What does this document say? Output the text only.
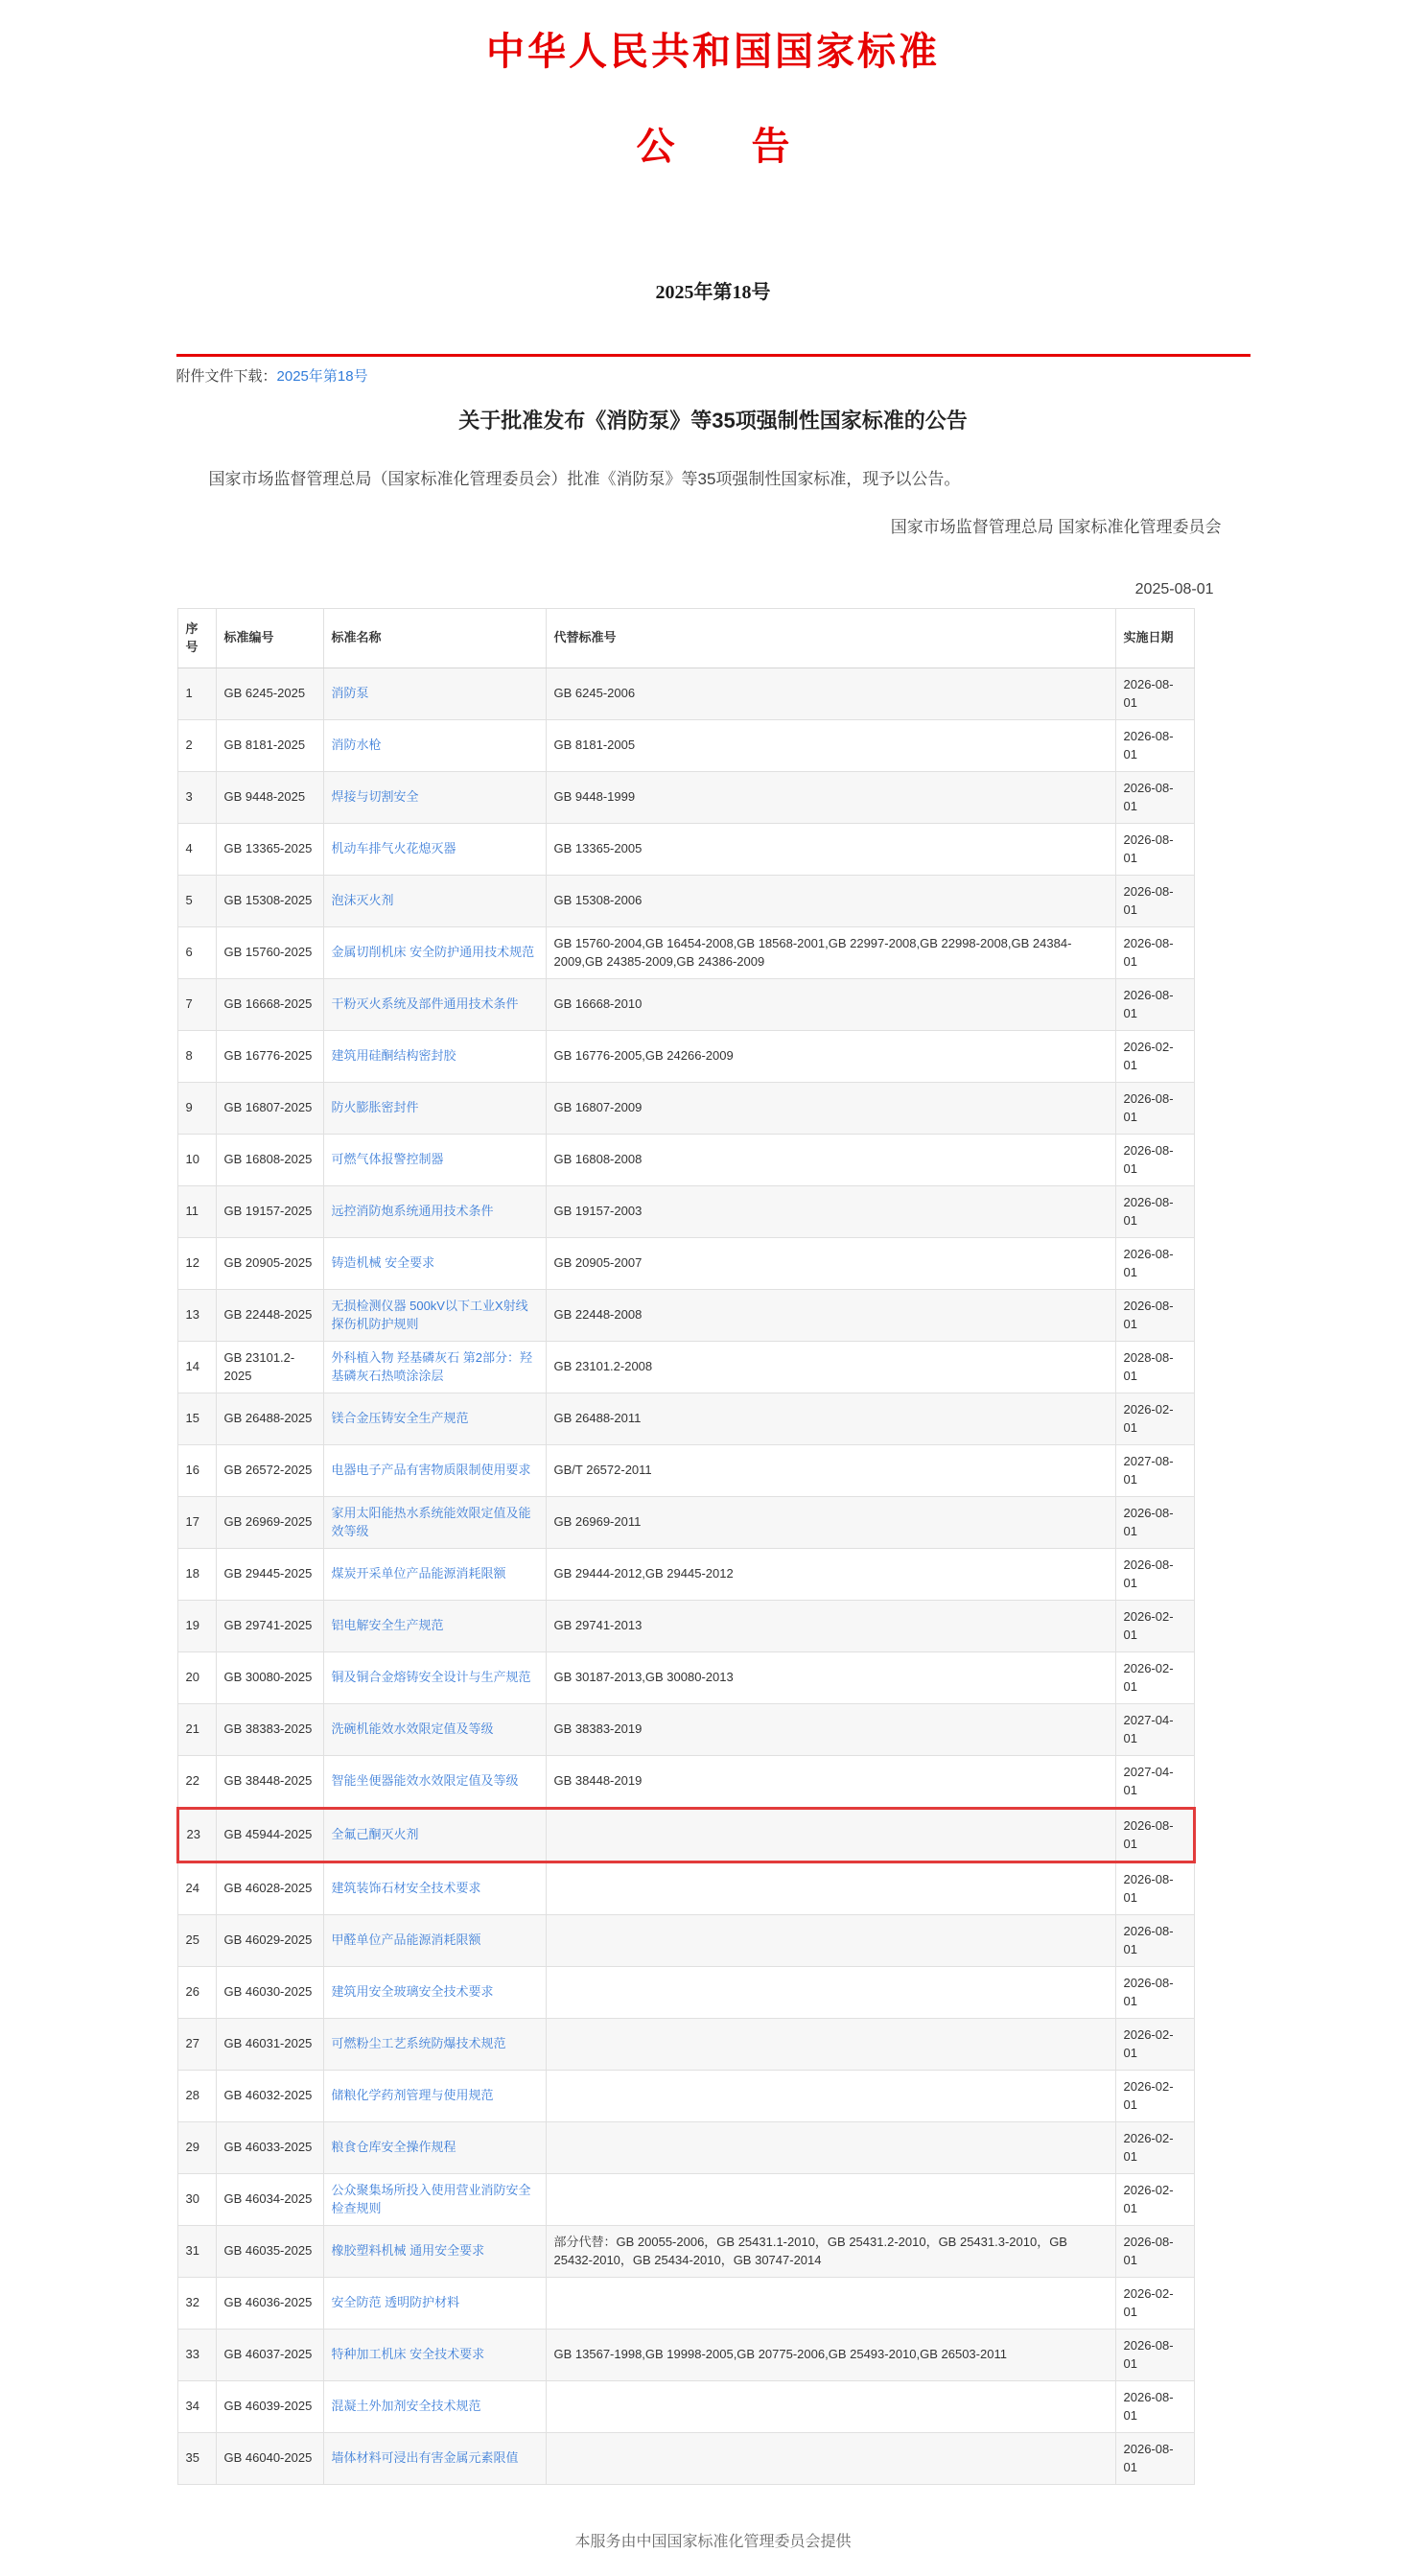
中华人民共和国国家标准
公　　告
2025年第18号
附件文件下载：2025年第18号
关于批准发布《消防泵》等35项强制性国家标准的公告
国家市场监督管理总局（国家标准化管理委员会）批准《消防泵》等35项强制性国家标准，现予以公告。
国家市场监督管理总局 国家标准化管理委员会
2025-08-01
序号	标准编号	标准名称	代替标准号	实施日期
1	GB 6245-2025	消防泵	GB 6245-2006	2026-08-01
2	GB 8181-2025	消防水枪	GB 8181-2005	2026-08-01
3	GB 9448-2025	焊接与切割安全	GB 9448-1999	2026-08-01
4	GB 13365-2025	机动车排气火花熄灭器	GB 13365-2005	2026-08-01
5	GB 15308-2025	泡沫灭火剂	GB 15308-2006	2026-08-01
6	GB 15760-2025	金属切削机床 安全防护通用技术规范	GB 15760-2004,GB 16454-2008,GB 18568-2001,GB 22997-2008,GB 22998-2008,GB 24384-2009,GB 24385-2009,GB 24386-2009	2026-08-01
7	GB 16668-2025	干粉灭火系统及部件通用技术条件	GB 16668-2010	2026-08-01
8	GB 16776-2025	建筑用硅酮结构密封胶	GB 16776-2005,GB 24266-2009	2026-02-01
9	GB 16807-2025	防火膨胀密封件	GB 16807-2009	2026-08-01
10	GB 16808-2025	可燃气体报警控制器	GB 16808-2008	2026-08-01
11	GB 19157-2025	远控消防炮系统通用技术条件	GB 19157-2003	2026-08-01
12	GB 20905-2025	铸造机械 安全要求	GB 20905-2007	2026-08-01
13	GB 22448-2025	无损检测仪器 500kV以下工业X射线探伤机防护规则	GB 22448-2008	2026-08-01
14	GB 23101.2-2025	外科植入物 羟基磷灰石 第2部分：羟基磷灰石热喷涂涂层	GB 23101.2-2008	2028-08-01
15	GB 26488-2025	镁合金压铸安全生产规范	GB 26488-2011	2026-02-01
16	GB 26572-2025	电器电子产品有害物质限制使用要求	GB/T 26572-2011	2027-08-01
17	GB 26969-2025	家用太阳能热水系统能效限定值及能效等级	GB 26969-2011	2026-08-01
18	GB 29445-2025	煤炭开采单位产品能源消耗限额	GB 29444-2012,GB 29445-2012	2026-08-01
19	GB 29741-2025	铝电解安全生产规范	GB 29741-2013	2026-02-01
20	GB 30080-2025	铜及铜合金熔铸安全设计与生产规范	GB 30187-2013,GB 30080-2013	2026-02-01
21	GB 38383-2025	洗碗机能效水效限定值及等级	GB 38383-2019	2027-04-01
22	GB 38448-2025	智能坐便器能效水效限定值及等级	GB 38448-2019	2027-04-01
23	GB 45944-2025	全氟己酮灭火剂		2026-08-01
24	GB 46028-2025	建筑装饰石材安全技术要求		2026-08-01
25	GB 46029-2025	甲醛单位产品能源消耗限额		2026-08-01
26	GB 46030-2025	建筑用安全玻璃安全技术要求		2026-08-01
27	GB 46031-2025	可燃粉尘工艺系统防爆技术规范		2026-02-01
28	GB 46032-2025	储粮化学药剂管理与使用规范		2026-02-01
29	GB 46033-2025	粮食仓库安全操作规程		2026-02-01
30	GB 46034-2025	公众聚集场所投入使用营业消防安全检查规则		2026-02-01
31	GB 46035-2025	橡胶塑料机械 通用安全要求	部分代替：GB 20055-2006，GB 25431.1-2010，GB 25431.2-2010，GB 25431.3-2010，GB 25432-2010，GB 25434-2010，GB 30747-2014	2026-08-01
32	GB 46036-2025	安全防范 透明防护材料		2026-02-01
33	GB 46037-2025	特种加工机床 安全技术要求	GB 13567-1998,GB 19998-2005,GB 20775-2006,GB 25493-2010,GB 26503-2011	2026-08-01
34	GB 46039-2025	混凝土外加剂安全技术规范		2026-08-01
35	GB 46040-2025	墙体材料可浸出有害金属元素限值		2026-08-01
本服务由中国国家标准化管理委员会提供
